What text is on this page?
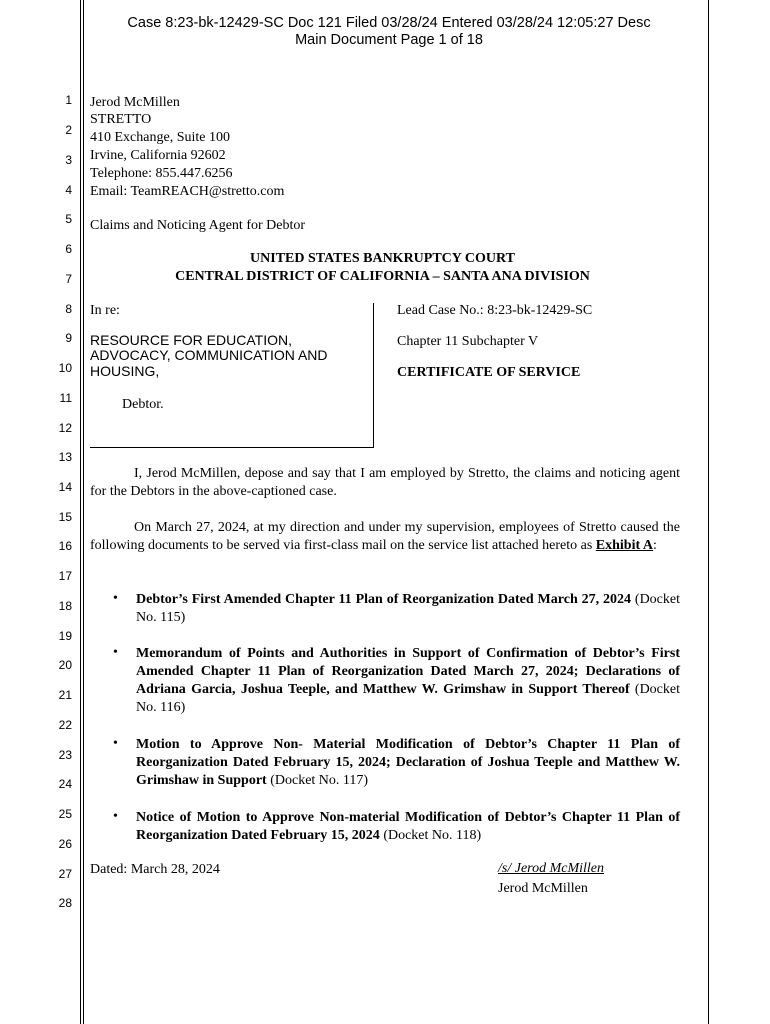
Case 8:23-bk-12429-SC Doc 121 Filed 03/28/24 Entered 03/28/24 12:05:27 Desc
Main Document Page 1 of 18
1
2
3
4
5
6
7
8
9
10
11
12
13
14
15
16
17
18
19
20
21
22
23
24
25
26
27
28
Jerod McMillen
STRETTO
410 Exchange, Suite 100
Irvine, California 92602
Telephone: 855.447.6256
Email: TeamREACH@stretto.com
Claims and Noticing Agent for Debtor
UNITED STATES BANKRUPTCY COURT
CENTRAL DISTRICT OF CALIFORNIA – SANTA ANA DIVISION
In re:
RESOURCE FOR EDUCATION,
ADVOCACY, COMMUNICATION AND
HOUSING,
Debtor.
Lead Case No.: 8:23-bk-12429-SC
Chapter 11 Subchapter V
CERTIFICATE OF SERVICE
I, Jerod McMillen, depose and say that I am employed by Stretto, the claims and noticing agent for the Debtors in the above-captioned case.
On March 27, 2024, at my direction and under my supervision, employees of Stretto caused the following documents to be served via first-class mail on the service list attached hereto as Exhibit A:
• Debtor’s First Amended Chapter 11 Plan of Reorganization Dated March 27, 2024 (Docket No. 115)
• Memorandum of Points and Authorities in Support of Confirmation of Debtor’s First Amended Chapter 11 Plan of Reorganization Dated March 27, 2024; Declarations of Adriana Garcia, Joshua Teeple, and Matthew W. Grimshaw in Support Thereof (Docket No. 116)
• Motion to Approve Non- Material Modification of Debtor’s Chapter 11 Plan of Reorganization Dated February 15, 2024; Declaration of Joshua Teeple and Matthew W. Grimshaw in Support (Docket No. 117)
• Notice of Motion to Approve Non-material Modification of Debtor’s Chapter 11 Plan of Reorganization Dated February 15, 2024 (Docket No. 118)
Dated: March 28, 2024	/s/ Jerod McMillen
Jerod McMillen
